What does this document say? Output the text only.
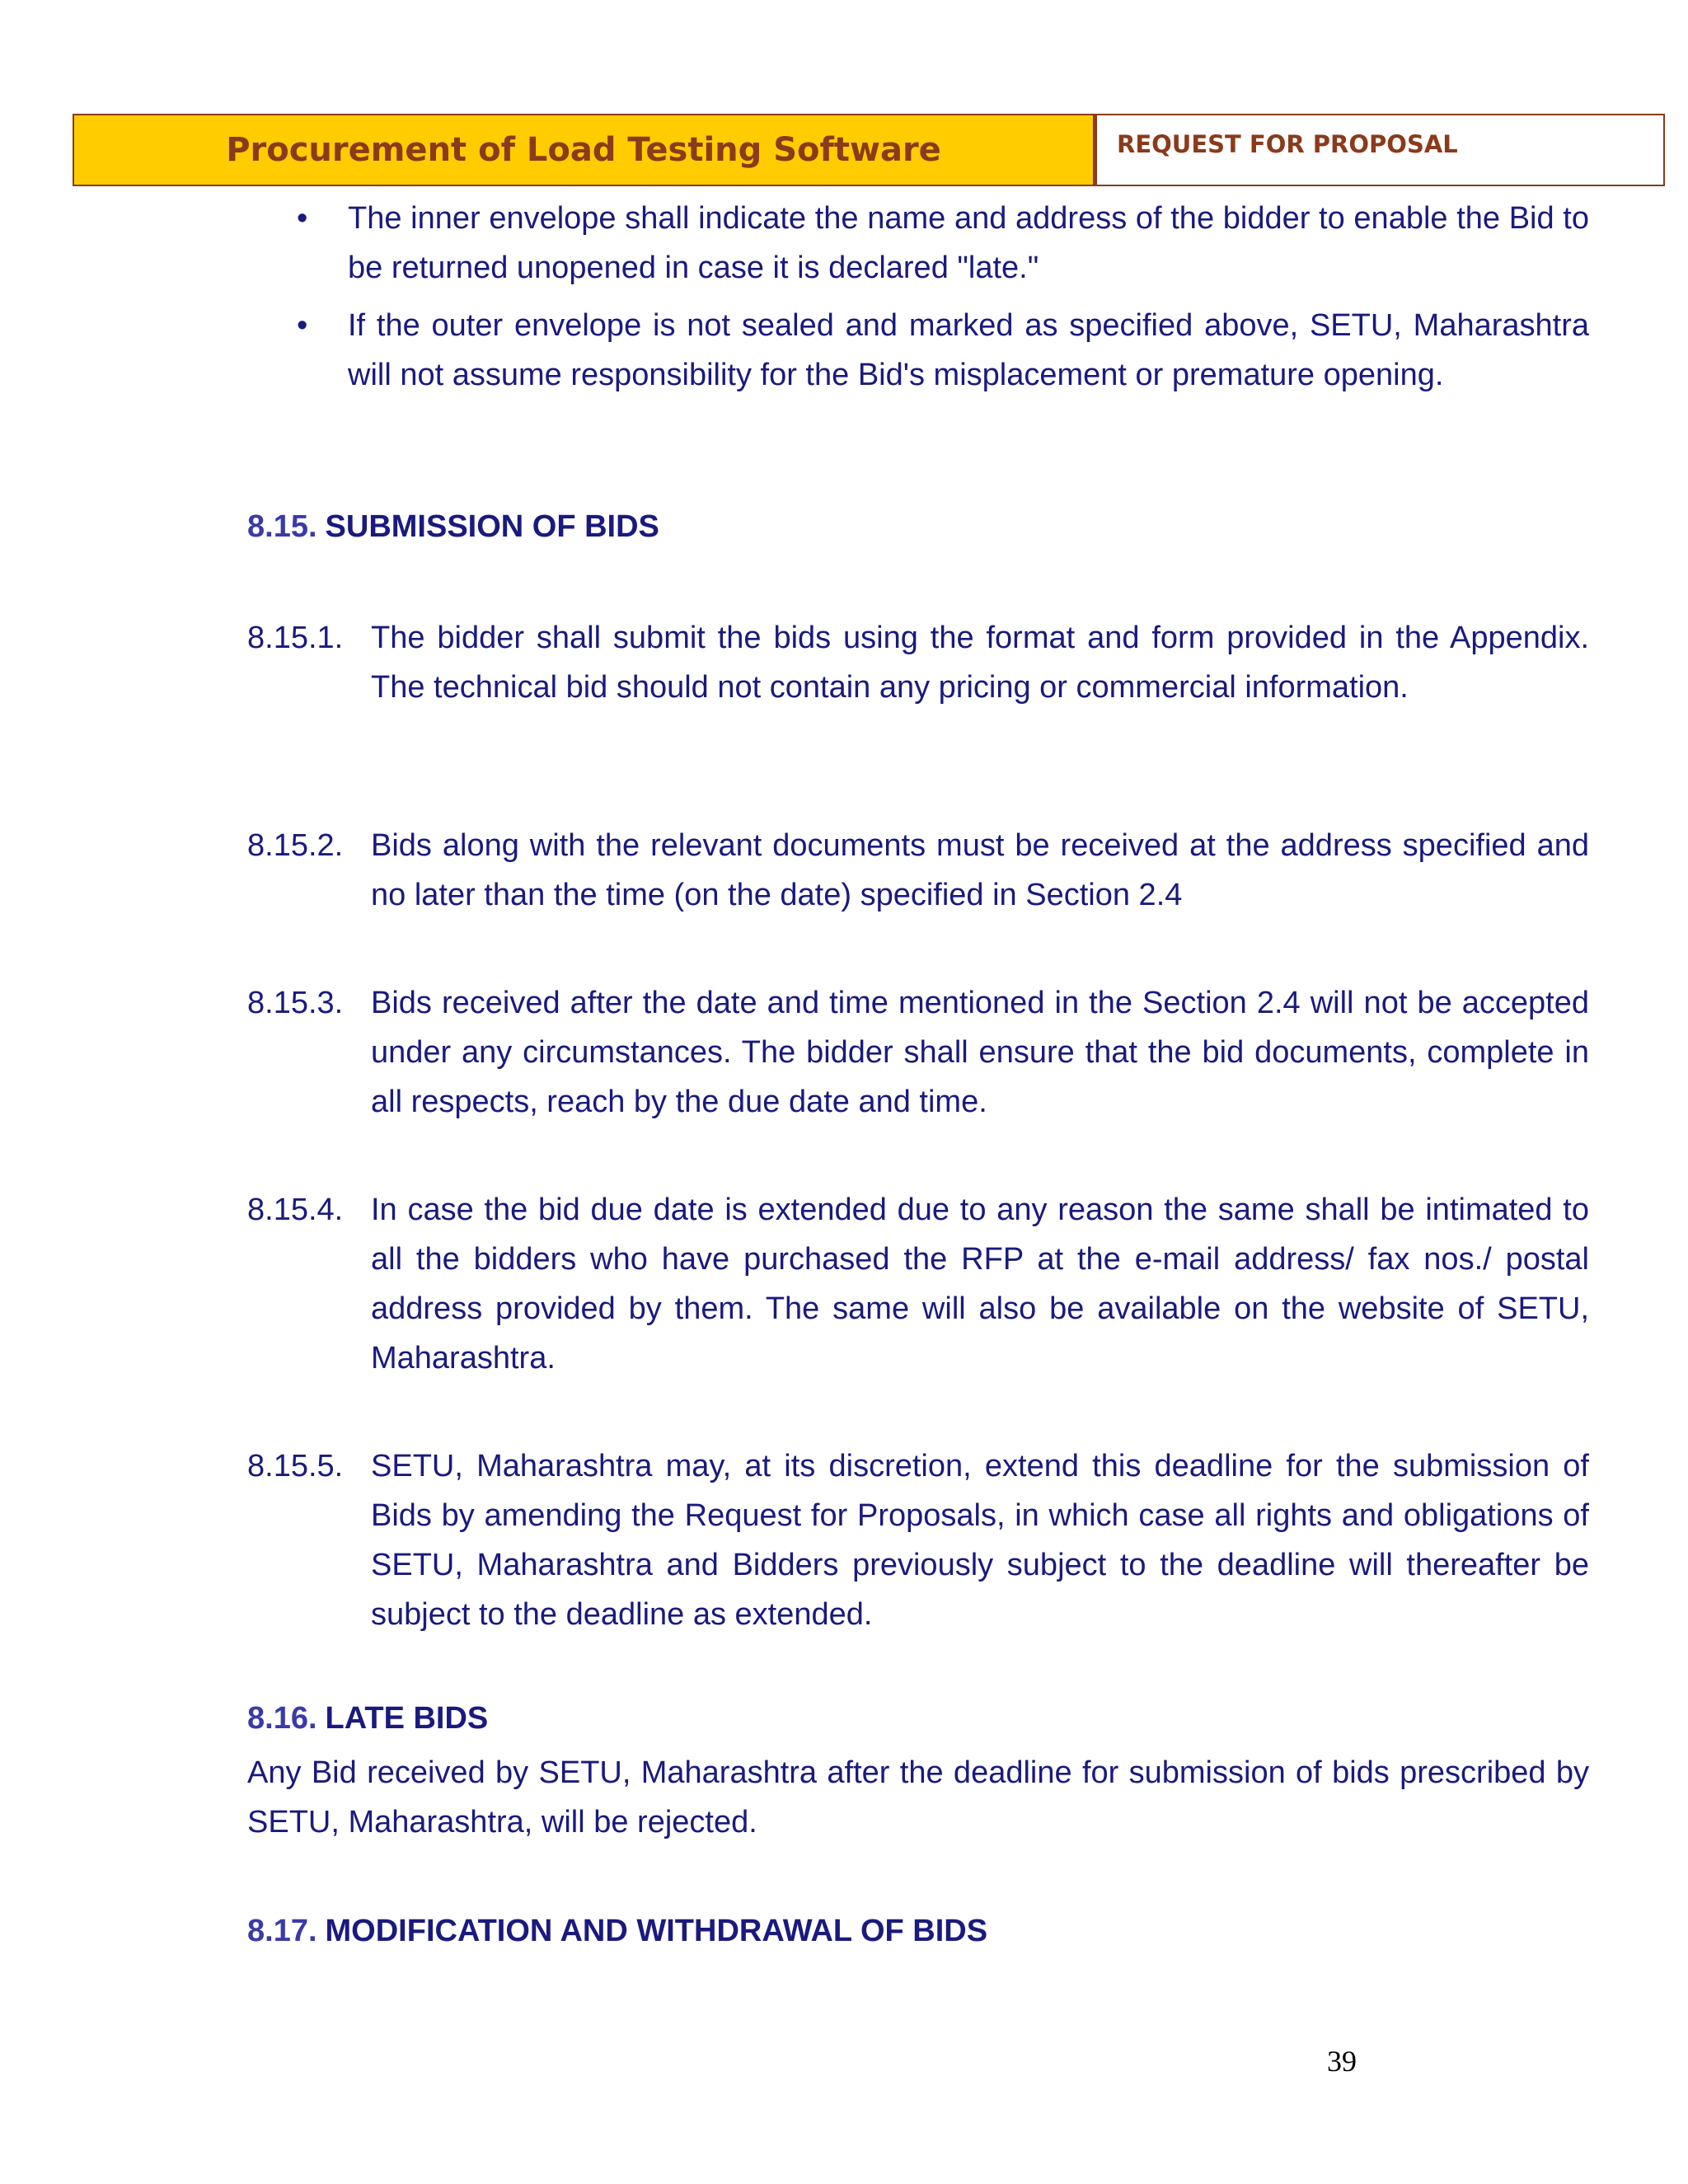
Procurement of Load Testing Software	REQUEST FOR PROPOSAL
• The inner envelope shall indicate the name and address of the bidder to enable the Bid to be returned unopened in case it is declared "late."
• If the outer envelope is not sealed and marked as specified above, SETU, Maharashtra will not assume responsibility for the Bid's misplacement or premature opening.
8.15. SUBMISSION OF BIDS
8.15.1. The bidder shall submit the bids using the format and form provided in the Appendix. The technical bid should not contain any pricing or commercial information.
8.15.2. Bids along with the relevant documents must be received at the address specified and no later than the time (on the date) specified in Section 2.4
8.15.3. Bids received after the date and time mentioned in the Section 2.4 will not be accepted under any circumstances. The bidder shall ensure that the bid documents, complete in all respects, reach by the due date and time.
8.15.4. In case the bid due date is extended due to any reason the same shall be intimated to all the bidders who have purchased the RFP at the e-mail address/ fax nos./ postal address provided by them. The same will also be available on the website of SETU, Maharashtra.
8.15.5. SETU, Maharashtra may, at its discretion, extend this deadline for the submission of Bids by amending the Request for Proposals, in which case all rights and obligations of SETU, Maharashtra and Bidders previously subject to the deadline will thereafter be subject to the deadline as extended.
8.16. LATE BIDS
Any Bid received by SETU, Maharashtra after the deadline for submission of bids prescribed by SETU, Maharashtra, will be rejected.
8.17. MODIFICATION AND WITHDRAWAL OF BIDS
39
